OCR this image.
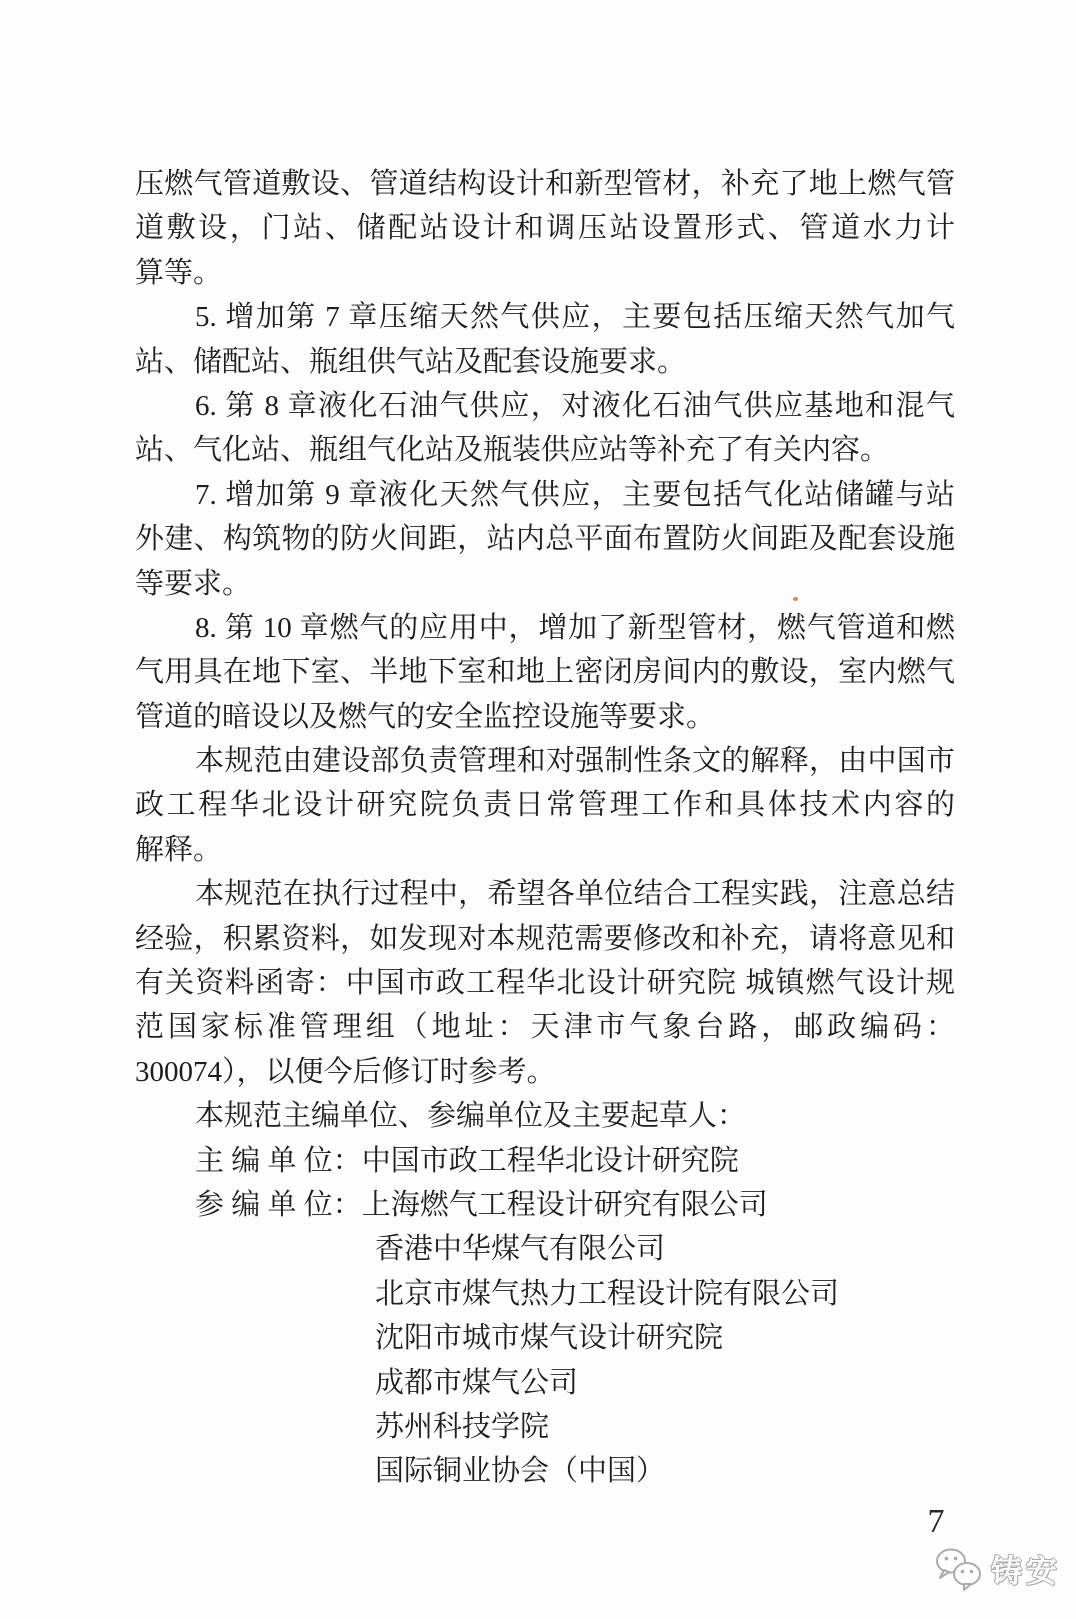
压燃气管道敷设、管道结构设计和新型管材，补充了地上燃气管
道敷设，门站、储配站设计和调压站设置形式、管道水力计
算等。
5. 增加第 7 章压缩天然气供应，主要包括压缩天然气加气
站、储配站、瓶组供气站及配套设施要求。
6. 第 8 章液化石油气供应，对液化石油气供应基地和混气
站、气化站、瓶组气化站及瓶装供应站等补充了有关内容。
7. 增加第 9 章液化天然气供应，主要包括气化站储罐与站
外建、构筑物的防火间距，站内总平面布置防火间距及配套设施
等要求。
8. 第 10 章燃气的应用中，增加了新型管材，燃气管道和燃
气用具在地下室、半地下室和地上密闭房间内的敷设，室内燃气
管道的暗设以及燃气的安全监控设施等要求。
本规范由建设部负责管理和对强制性条文的解释，由中国市
政工程华北设计研究院负责日常管理工作和具体技术内容的
解释。
本规范在执行过程中，希望各单位结合工程实践，注意总结
经验，积累资料，如发现对本规范需要修改和补充，请将意见和
有关资料函寄：中国市政工程华北设计研究院 城镇燃气设计规
范国家标准管理组（地址：天津市气象台路，邮政编码：
300074），以便今后修订时参考。
本规范主编单位、参编单位及主要起草人：
主 编 单 位：中国市政工程华北设计研究院
参 编 单 位：上海燃气工程设计研究有限公司
香港中华煤气有限公司
北京市煤气热力工程设计院有限公司
沈阳市城市煤气设计研究院
成都市煤气公司
苏州科技学院
国际铜业协会（中国）
7
铸安
